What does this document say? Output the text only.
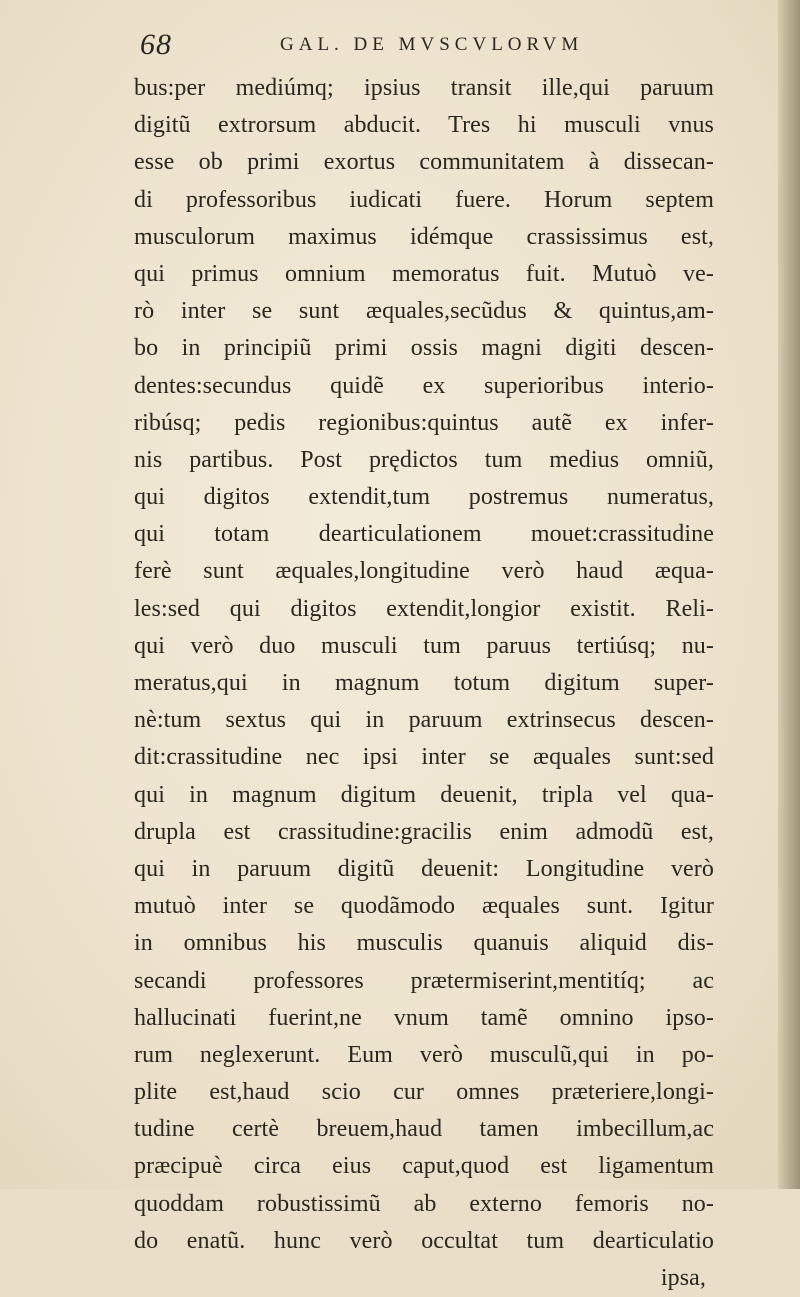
68	GAL. DE MVSCVLORVM
bus:per mediúmq; ipsius transit ille,qui paruum
digitũ extrorsum abducit. Tres hi musculi vnus
esse ob primi exortus communitatem à dissecan-
di professoribus iudicati fuere. Horum septem
musculorum maximus idémque crassissimus est,
qui primus omnium memoratus fuit. Mutuò ve-
rò inter se sunt æquales,secũdus & quintus,am-
bo in principiũ primi ossis magni digiti descen-
dentes:secundus quidẽ ex superioribus interio-
ribúsq; pedis regionibus:quintus autẽ ex infer-
nis partibus. Post prędictos tum medius omniũ,
qui digitos extendit,tum postremus numeratus,
qui totam dearticulationem mouet:crassitudine
ferè sunt æquales,longitudine verò haud æqua-
les:sed qui digitos extendit,longior existit. Reli-
qui verò duo musculi tum paruus tertiúsq; nu-
meratus,qui in magnum totum digitum super-
nè:tum sextus qui in paruum extrinsecus descen-
dit:crassitudine nec ipsi inter se æquales sunt:sed
qui in magnum digitum deuenit, tripla vel qua-
drupla est crassitudine:gracilis enim admodũ est,
qui in paruum digitũ deuenit: Longitudine verò
mutuò inter se quodãmodo æquales sunt. Igitur
in omnibus his musculis quanuis aliquid dis-
secandi professores prætermiserint,mentitíq; ac
hallucinati fuerint,ne vnum tamẽ omnino ipso-
rum neglexerunt. Eum verò musculũ,qui in po-
plite est,haud scio cur omnes præteriere,longi-
tudine certè breuem,haud tamen imbecillum,ac
præcipuè circa eius caput,quod est ligamentum
quoddam robustissimũ ab externo femoris no-
do enatũ. hunc verò occultat tum dearticulatio
ipsa,
